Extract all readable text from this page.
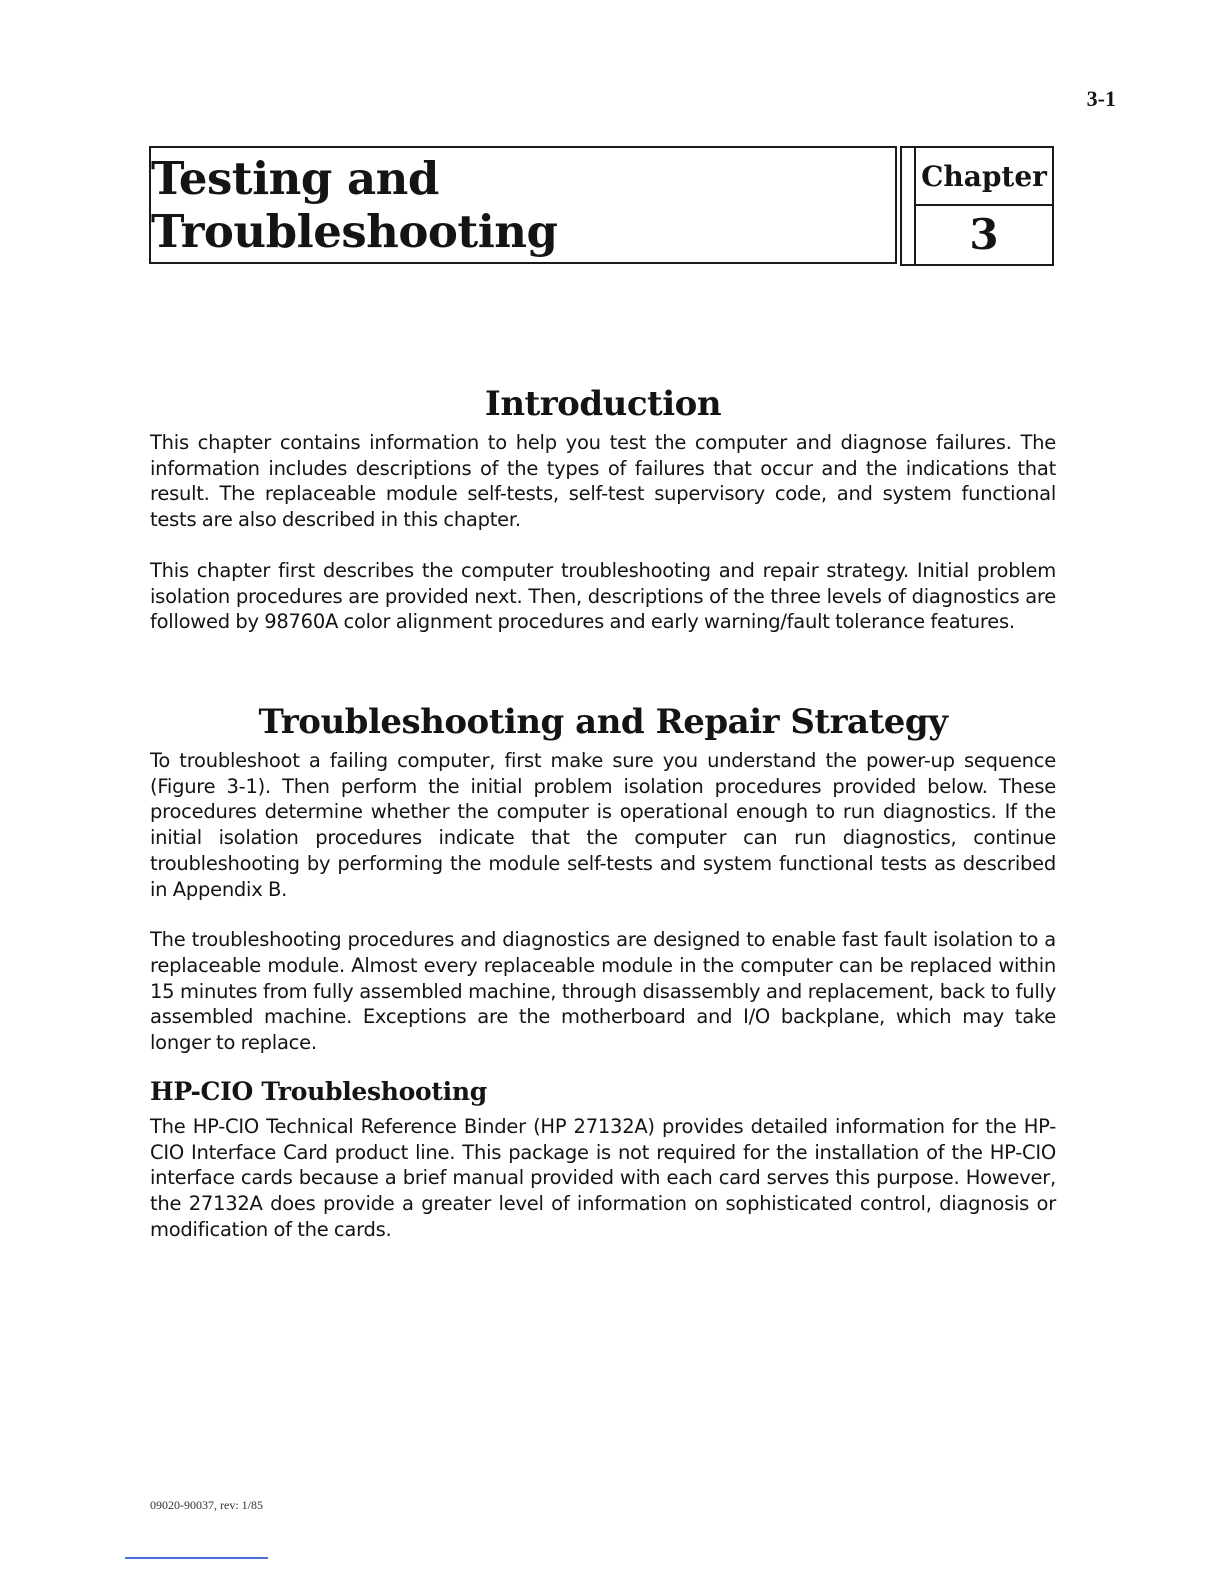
3-1
Testing and Troubleshooting
Chapter
3
Introduction

This chapter contains information to help you test the computer and diagnose failures. The information includes descriptions of the types of failures that occur and the indications that result. The replaceable module self-tests, self-test supervisory code, and system functional tests are also described in this chapter.

This chapter first describes the computer troubleshooting and repair strategy. Initial problem isolation procedures are provided next. Then, descriptions of the three levels of diagnostics are followed by 98760A color alignment procedures and early warning/fault tolerance features.

Troubleshooting and Repair Strategy

To troubleshoot a failing computer, first make sure you understand the power-up sequence (Figure 3-1). Then perform the initial problem isolation procedures provided below. These procedures determine whether the computer is operational enough to run diagnostics. If the initial isolation procedures indicate that the computer can run diagnostics, continue troubleshooting by performing the module self-tests and system functional tests as described in Appendix B.

The troubleshooting procedures and diagnostics are designed to enable fast fault isolation to a replaceable module. Almost every replaceable module in the computer can be replaced within 15 minutes from fully assembled machine, through disassembly and replacement, back to fully assembled machine. Exceptions are the motherboard and I/O backplane, which may take longer to replace.

HP-CIO Troubleshooting

The HP-CIO Technical Reference Binder (HP 27132A) provides detailed information for the HP-CIO Interface Card product line. This package is not required for the installation of the HP-CIO interface cards because a brief manual provided with each card serves this purpose. However, the 27132A does provide a greater level of information on sophisticated control, diagnosis or modification of the cards.

09020-90037, rev: 1/85
